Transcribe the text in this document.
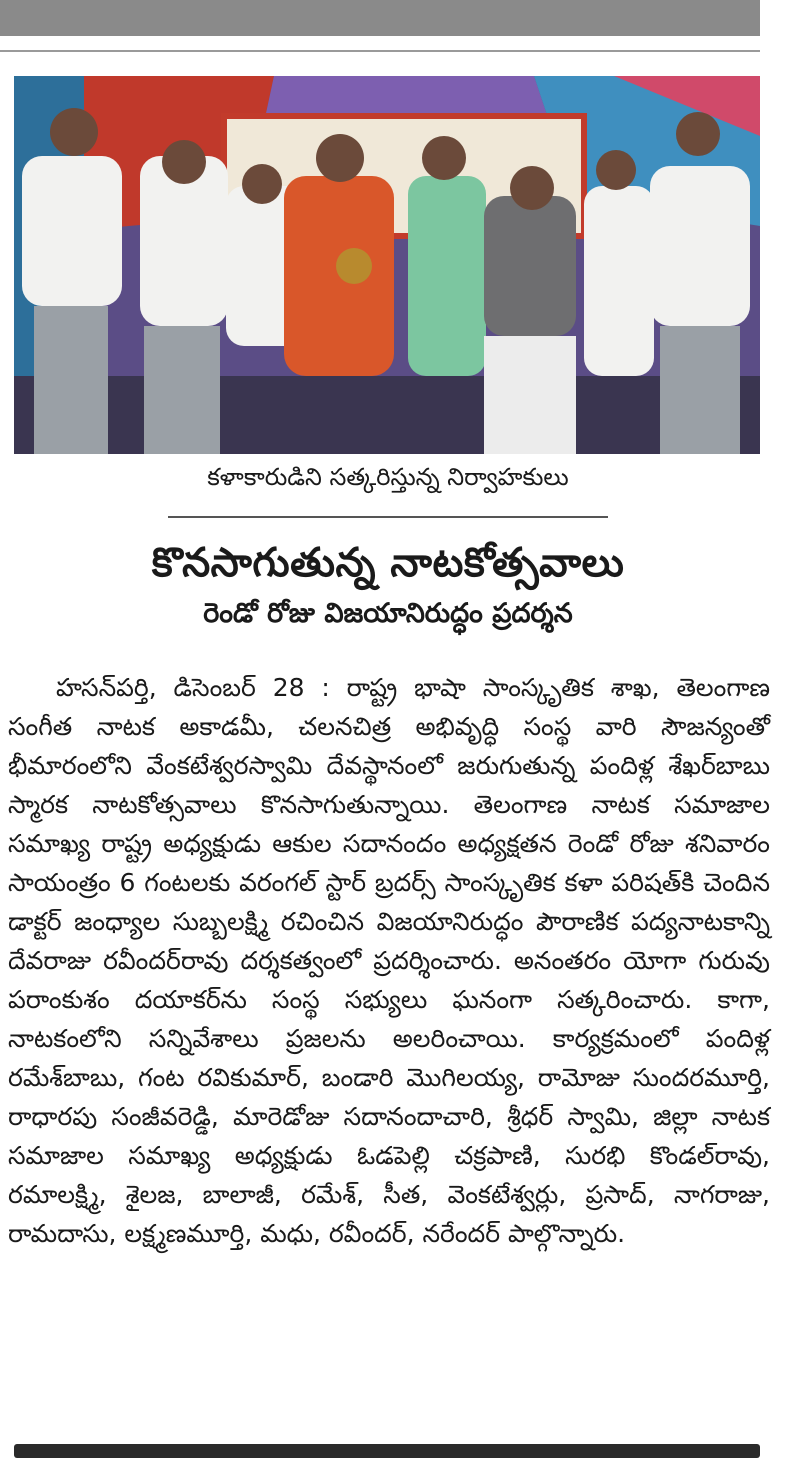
కళాకారుడిని సత్కరిస్తున్న నిర్వాహకులు
కొనసాగుతున్న నాటకోత్సవాలు
రెండో రోజు విజయానిరుద్ధం ప్రదర్శన

హసన్‌పర్తి, డిసెంబర్ 28 : రాష్ట్ర భాషా సాంస్కృతిక శాఖ, తెలంగాణ సంగీత నాటక అకాడమీ, చలనచిత్ర అభివృద్ధి సంస్థ వారి సౌజన్యంతో భీమారంలోని వేంకటేశ్వరస్వామి దేవస్థానంలో జరుగుతున్న పందిళ్ల శేఖర్‌బాబు స్మారక నాటకోత్సవాలు కొనసాగుతున్నాయి. తెలంగాణ నాటక సమాజాల సమాఖ్య రాష్ట్ర అధ్యక్షుడు ఆకుల సదానందం అధ్యక్షతన రెండో రోజు శనివారం సాయంత్రం 6 గంటలకు వరంగల్ స్టార్ బ్రదర్స్ సాంస్కృతిక కళా పరిషత్‌కి చెందిన డాక్టర్ జంధ్యాల సుబ్బలక్ష్మి రచించిన విజయానిరుద్ధం పౌరాణిక పద్యనాటకాన్ని దేవరాజు రవీందర్‌రావు దర్శకత్వంలో ప్రదర్శించారు. అనంతరం యోగా గురువు పరాంకుశం దయాకర్‌ను సంస్థ సభ్యులు ఘనంగా సత్కరించారు. కాగా, నాటకంలోని సన్నివేశాలు ప్రజలను అలరించాయి. కార్యక్రమంలో పందిళ్ల రమేశ్‌బాబు, గంట రవికుమార్, బండారి మొగిలయ్య, రామోజు సుందరమూర్తి, రాధారపు సంజీవరెడ్డి, మారెడోజు సదానందాచారి, శ్రీధర్ స్వామి, జిల్లా నాటక సమాజాల సమాఖ్య అధ్యక్షుడు ఓడపెల్లి చక్రపాణి, సురభి కొండల్‌రావు, రమాలక్ష్మి, శైలజ, బాలాజీ, రమేశ్, సీత, వెంకటేశ్వర్లు, ప్రసాద్, నాగరాజు, రామదాసు, లక్ష్మణమూర్తి, మధు, రవీందర్, నరేందర్ పాల్గొన్నారు.
